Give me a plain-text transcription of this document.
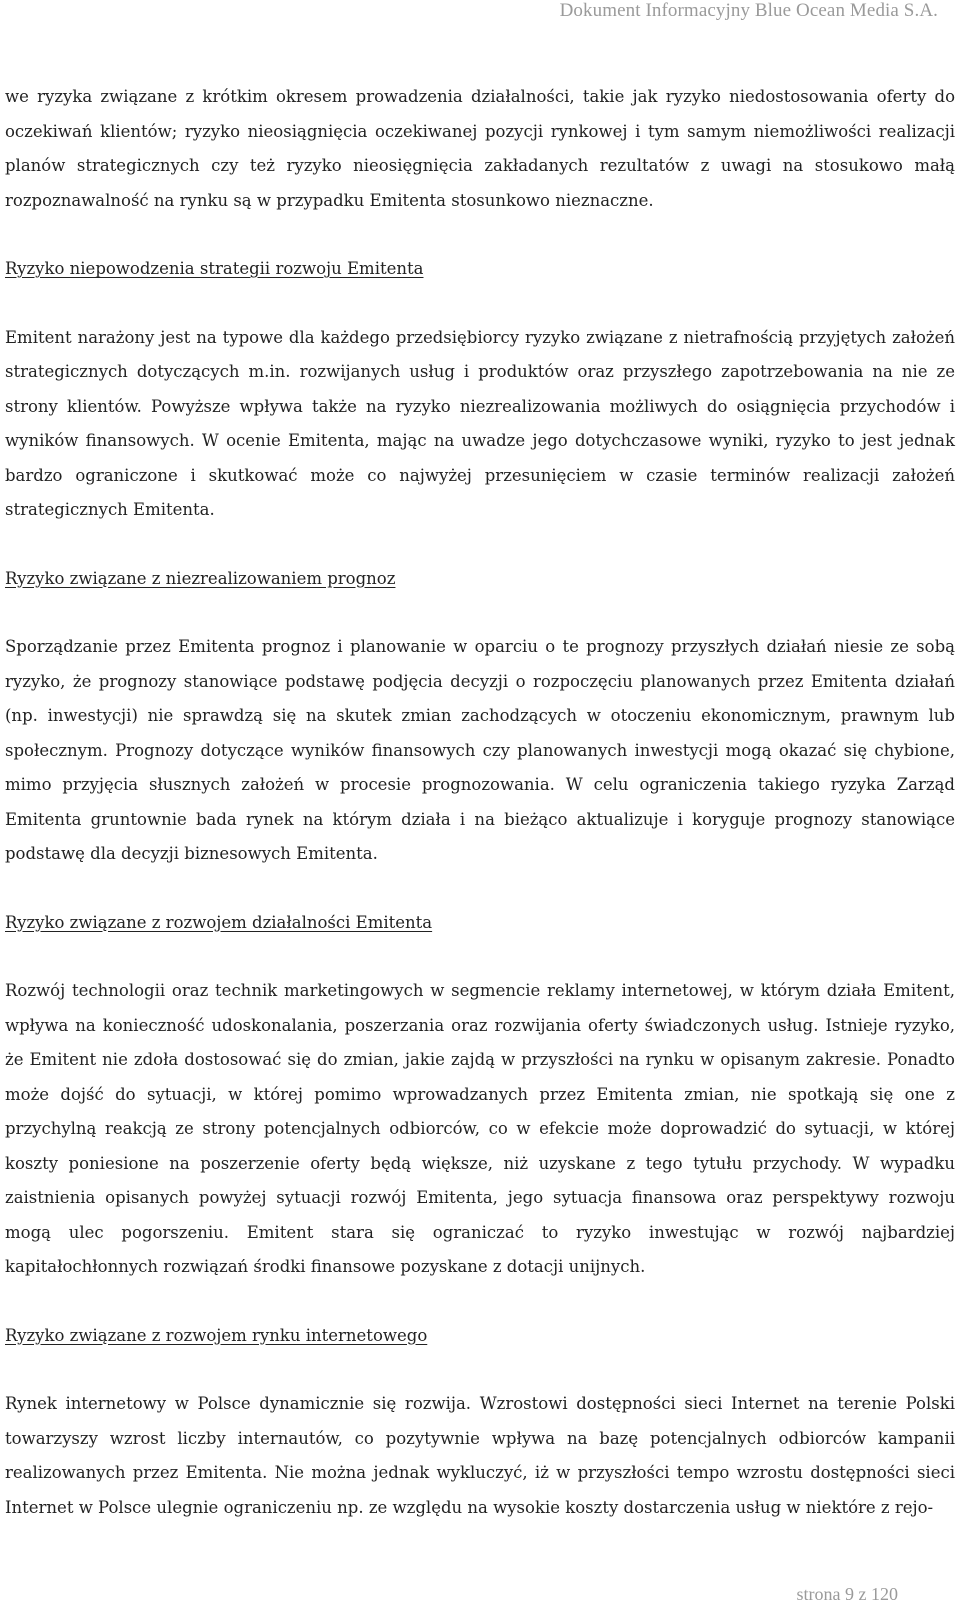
Dokument Informacyjny Blue Ocean Media S.A.

we ryzyka związane z krótkim okresem prowadzenia działalności, takie jak ryzyko niedostosowania oferty do oczekiwań klientów; ryzyko nieosiągnięcia oczekiwanej pozycji rynkowej i tym samym niemożliwości realizacji planów strategicznych czy też ryzyko nieosięgnięcia zakładanych rezultatów z uwagi na stosukowo małą rozpoznawalność na rynku są w przypadku Emitenta stosunkowo nieznaczne.

Ryzyko niepowodzenia strategii rozwoju Emitenta

Emitent narażony jest na typowe dla każdego przedsiębiorcy ryzyko związane z nietrafnością przyjętych założeń strategicznych dotyczących m.in. rozwijanych usług i produktów oraz przyszłego zapotrzebowania na nie ze strony klientów. Powyższe wpływa także na ryzyko niezrealizowania możliwych do osiągnięcia przychodów i wyników finansowych. W ocenie Emitenta, mając na uwadze jego dotychczasowe wyniki, ryzyko to jest jednak bardzo ograniczone i skutkować może co najwyżej przesunięciem w czasie terminów realizacji założeń strategicznych Emitenta.

Ryzyko związane z niezrealizowaniem prognoz

Sporządzanie przez Emitenta prognoz i planowanie w oparciu o te prognozy przyszłych działań niesie ze sobą ryzyko, że prognozy stanowiące podstawę podjęcia decyzji o rozpoczęciu planowanych przez Emitenta działań (np. inwestycji) nie sprawdzą się na skutek zmian zachodzących w otoczeniu ekonomicznym, prawnym lub społecznym. Prognozy dotyczące wyników finansowych czy planowanych inwestycji mogą okazać się chybione, mimo przyjęcia słusznych założeń w procesie prognozowania. W celu ograniczenia takiego ryzyka Zarząd Emitenta gruntownie bada rynek na którym działa i na bieżąco aktualizuje i koryguje prognozy stanowiące podstawę dla decyzji biznesowych Emitenta.

Ryzyko związane z rozwojem działalności Emitenta

Rozwój technologii oraz technik marketingowych w segmencie reklamy internetowej, w którym działa Emitent, wpływa na konieczność udoskonalania, poszerzania oraz rozwijania oferty świadczonych usług. Istnieje ryzyko, że Emitent nie zdoła dostosować się do zmian, jakie zajdą w przyszłości na rynku w opisanym zakresie. Ponadto może dojść do sytuacji, w której pomimo wprowadzanych przez Emitenta zmian, nie spotkają się one z przychylną reakcją ze strony potencjalnych odbiorców, co w efekcie może doprowadzić do sytuacji, w której koszty poniesione na poszerzenie oferty będą większe, niż uzyskane z tego tytułu przychody. W wypadku zaistnienia opisanych powyżej sytuacji rozwój Emitenta, jego sytuacja finansowa oraz perspektywy rozwoju mogą ulec pogorszeniu. Emitent stara się ograniczać to ryzyko inwestując w rozwój najbardziej kapitałochłonnych rozwiązań środki finansowe pozyskane z dotacji unijnych.

Ryzyko związane z rozwojem rynku internetowego

Rynek internetowy w Polsce dynamicznie się rozwija. Wzrostowi dostępności sieci Internet na terenie Polski towarzyszy wzrost liczby internautów, co pozytywnie wpływa na bazę potencjalnych odbiorców kampanii realizowanych przez Emitenta. Nie można jednak wykluczyć, iż w przyszłości tempo wzrostu dostępności sieci Internet w Polsce ulegnie ograniczeniu np. ze względu na wysokie koszty dostarczenia usług w niektóre z rejo-

strona 9 z 120
